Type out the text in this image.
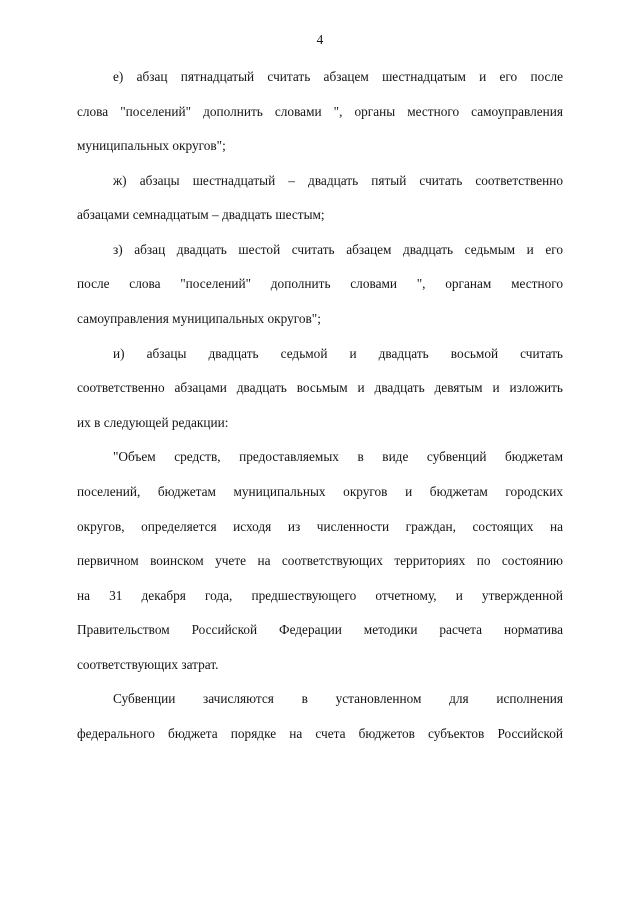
4
е) абзац пятнадцатый считать абзацем шестнадцатым и его после
слова "поселений" дополнить словами ", органы местного самоуправления
муниципальных округов";
ж) абзацы шестнадцатый – двадцать пятый считать соответственно
абзацами семнадцатым – двадцать шестым;
з) абзац двадцать шестой считать абзацем двадцать седьмым и его
после слова "поселений" дополнить словами ", органам местного
самоуправления муниципальных округов";
и) абзацы двадцать седьмой и двадцать восьмой считать
соответственно абзацами двадцать восьмым и двадцать девятым и изложить
их в следующей редакции:
"Объем средств, предоставляемых в виде субвенций бюджетам
поселений, бюджетам муниципальных округов и бюджетам городских
округов, определяется исходя из численности граждан, состоящих на
первичном воинском учете на соответствующих территориях по состоянию
на 31 декабря года, предшествующего отчетному, и утвержденной
Правительством Российской Федерации методики расчета норматива
соответствующих затрат.
Субвенции зачисляются в установленном для исполнения
федерального бюджета порядке на счета бюджетов субъектов Российской
